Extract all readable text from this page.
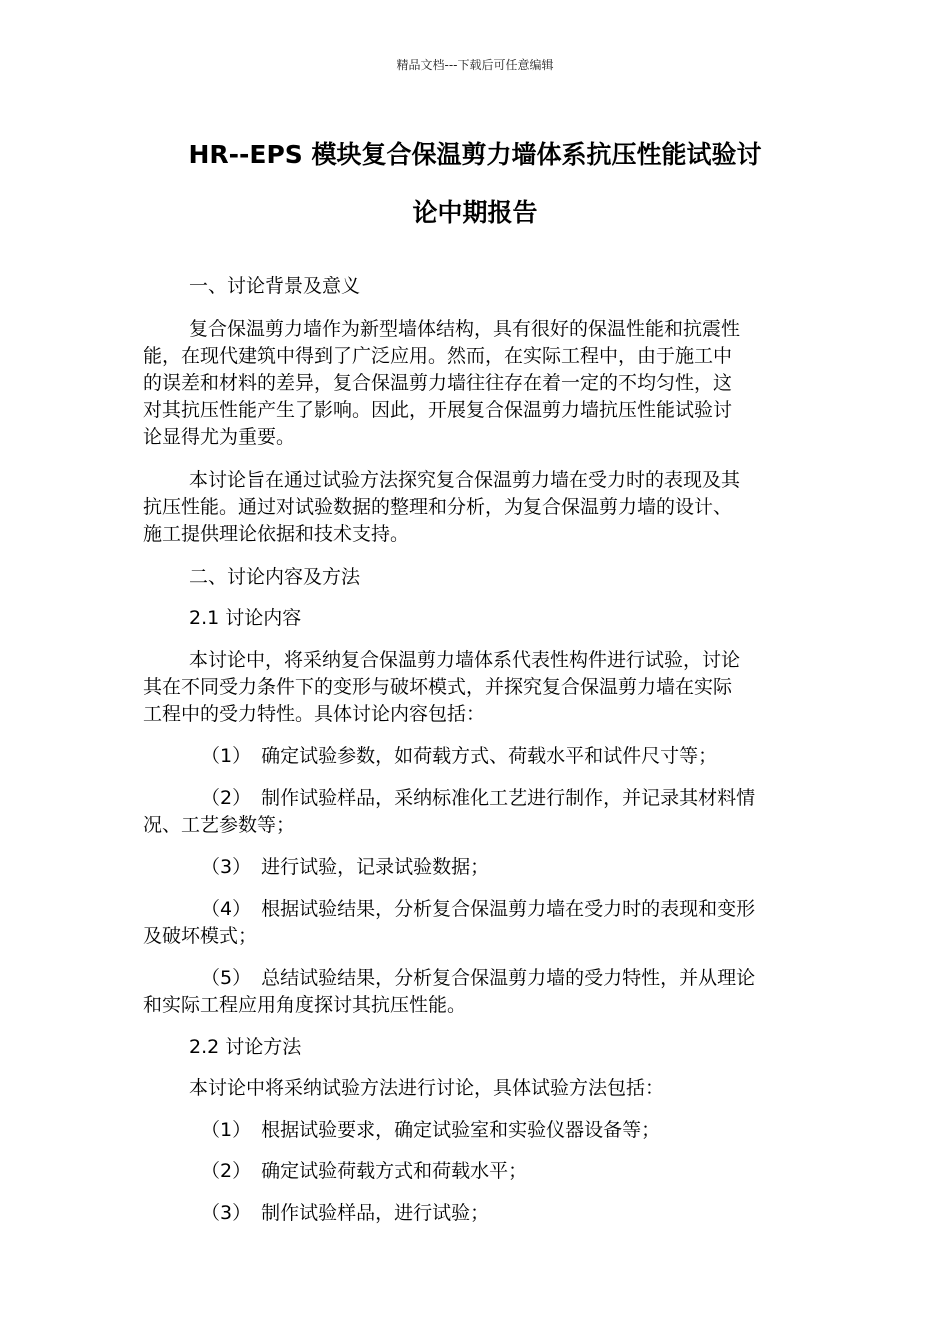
精品文档---下载后可任意编辑
HR--EPS 模块复合保温剪力墙体系抗压性能试验讨
论中期报告
一、讨论背景及意义
复合保温剪力墙作为新型墙体结构，具有很好的保温性能和抗震性
能，在现代建筑中得到了广泛应用。然而，在实际工程中，由于施工中
的误差和材料的差异，复合保温剪力墙往往存在着一定的不均匀性，这
对其抗压性能产生了影响。因此，开展复合保温剪力墙抗压性能试验讨
论显得尤为重要。
本讨论旨在通过试验方法探究复合保温剪力墙在受力时的表现及其
抗压性能。通过对试验数据的整理和分析，为复合保温剪力墙的设计、
施工提供理论依据和技术支持。
二、讨论内容及方法
2.1 讨论内容
本讨论中，将采纳复合保温剪力墙体系代表性构件进行试验，讨论
其在不同受力条件下的变形与破坏模式，并探究复合保温剪力墙在实际
工程中的受力特性。具体讨论内容包括：
（1） 确定试验参数，如荷载方式、荷载水平和试件尺寸等；
（2） 制作试验样品，采纳标准化工艺进行制作，并记录其材料情
况、工艺参数等；
（3） 进行试验，记录试验数据；
（4） 根据试验结果，分析复合保温剪力墙在受力时的表现和变形
及破坏模式；
（5） 总结试验结果，分析复合保温剪力墙的受力特性，并从理论
和实际工程应用角度探讨其抗压性能。
2.2 讨论方法
本讨论中将采纳试验方法进行讨论，具体试验方法包括：
（1） 根据试验要求，确定试验室和实验仪器设备等；
（2） 确定试验荷载方式和荷载水平；
（3） 制作试验样品，进行试验；
